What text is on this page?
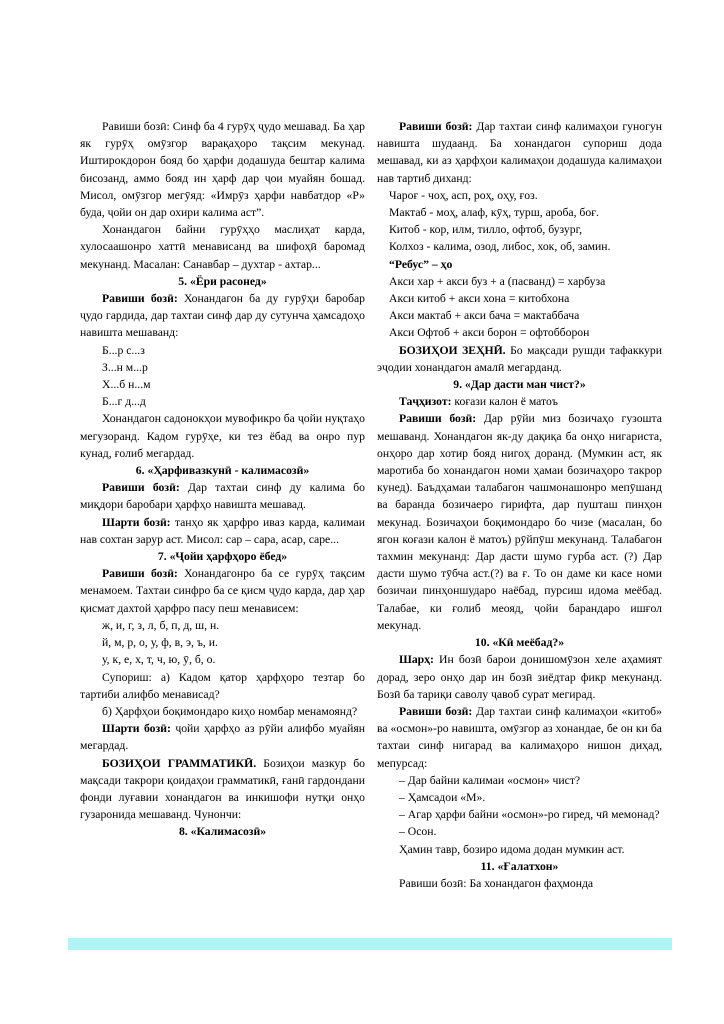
Равиши бозӣ: Синф ба 4 гурӯҳ ҷудо мешавад. Ба ҳар як гурӯҳ омӯзгор варақаҳоро тақсим мекунад. Иштирокдорон бояд бо ҳарфи додашуда бештар калима бисозанд, аммо бояд ин ҳарф дар ҷои муайян бошад. Мисол, омӯзгор мегӯяд: «Имрӯз ҳарфи навбатдор «Р» буда, ҷойи он дар охири калима аст”.

Хонандагон байни гурӯҳҳо маслиҳат карда, хулосаашонро хаттӣ менависанд ва шифоҳӣ баромад мекунанд. Масалан: Санавбар – духтар - ахтар...

5. «Ёри расонед»

Равиши бозӣ: Хонандагон ба ду гурӯҳи баробар ҷудо гардида, дар тахтаи синф дар ду сутунча ҳамсадоҳо навишта мешаванд:

Б...р с...з

З...н м...р

Х...б н...м

Б...г д...д

Хонандагон садонокҳои мувофикро ба ҷойи нуқтаҳо мегузоранд. Кадом гурӯҳе, ки тез ёбад ва онро пур кунад, ғолиб мегардад.

6. «Ҳарфивазкунӣ - калимасозӣ»

Равиши бозӣ: Дар тахтаи синф ду калима бо миқдори баробари ҳарфҳо навишта мешавад.

Шарти бозӣ: танҳо як ҳарфро иваз карда, калимаи нав сохтан зарур аст. Мисол: сар – сара, асар, саре...

7. «Ҷойи ҳарфҳоро ёбед»

Равиши бозӣ: Хонандагонро ба се гурӯҳ тақсим менамоем. Тахтаи синфро ба се қисм ҷудо карда, дар ҳар қисмат дахтой ҳарфро пасу пеш менависем:

ж, и, г, з, л, б, п, д, ш, н.

й, м, р, о, у, ф, в, э, ъ, и.

у, к, е, х, т, ч, ю, ӯ, б, о.

Супориш: а) Кадом қатор ҳарфҳоро тезтар бо тартиби алифбо менависад?

б) Ҳарфҳои боқимондаро киҳо номбар менамоянд?

Шарти бозӣ: ҷойи ҳарфҳо аз рӯйи алифбо муайян мегардад.

БОЗИҲОИ ГРАММАТИКӢ. Бозиҳои мазкур бо мақсади такрори қоидаҳои грамматикӣ, ғанӣ гардондани фонди луғавии хонандагон ва инкишофи нутқи онҳо гузаронида мешаванд. Чунончи:

8. «Калимасозӣ»

Равиши бозӣ: Дар тахтаи синф калимаҳои гуногун навишта шудаанд. Ба хонандагон супориш дода мешавад, ки аз ҳарфҳои калимаҳои додашуда калимаҳои нав тартиб диханд:

Чароғ - чоҳ, асп, роҳ, оҳу, ғоз.

Мактаб - моҳ, алаф, кӯҳ, турш, ароба, боғ.

Китоб - кор, илм, тилло, офтоб, бузург,

Колхоз - калима, озод, либос, хок, об, замин.

“Ребус” – ҳо

Акси хар + акси буз + а (пасванд) = харбуза

Акси китоб + акси хона = китобхона

Акси мактаб + акси бача = мактаббача

Акси Офтоб + акси борон = офтобборон

БОЗИҲОИ ЗЕҲНӢ. Бо мақсади рушди тафаккури эҷодии хонандагон амалӣ мегарданд.

9. «Дар дасти ман чист?»

Таҷҳизот: коғази калон ё матоъ

Равиши бозӣ: Дар рӯйи миз бозичаҳо гузошта мешаванд. Хонандагон як-ду дақиқа ба онҳо нигариста, онҳоро дар хотир бояд нигоҳ доранд. (Мумкин аст, як маротиба бо хонандагон номи ҳамаи бозичаҳоро такрор кунед). Баъдҳамаи талабагон чашмонашонро мепӯшанд ва баранда бозичаеро гирифта, дар пушташ пинҳон мекунад. Бозичаҳои боқимондаро бо чизе (масалан, бо ягон коғази калон ё матоъ) рӯйпӯш мекунанд. Талабагон тахмин мекунанд: Дар дасти шумо гурба аст. (?) Дар дасти шумо тӯбча аст.(?) ва ғ. То он даме ки касе номи бозичаи пинҳоншударо наёбад, пурсиш идома меёбад. Талабае, ки ғолиб меояд, ҷойи барандаро ишғол мекунад.

10. «Кӣ меёбад?»

Шарҳ: Ин бозӣ барои донишомӯзон хеле аҳамият дорад, зеро онҳо дар ин бозӣ зиёдтар фикр мекунанд. Бозӣ ба тариқи саволу ҷавоб сурат мегирад.

Равиши бозӣ: Дар тахтаи синф калимаҳои «китоб» ва «осмон»-ро навишта, омӯзгор аз хонандае, бе он ки ба тахтаи синф нигарад ва калимаҳоро нишон диҳад, мепурсад:

– Дар байни калимаи «осмон» чист?

– Ҳамсадои «М».

– Агар ҳарфи байни «осмон»-ро гиред, чӣ мемонад?

– Осон.

Ҳамин тавр, бозиро идома додан мумкин аст.

11. «Ғалатхон»

Равиши бозӣ: Ба хонандагон фаҳмонда
